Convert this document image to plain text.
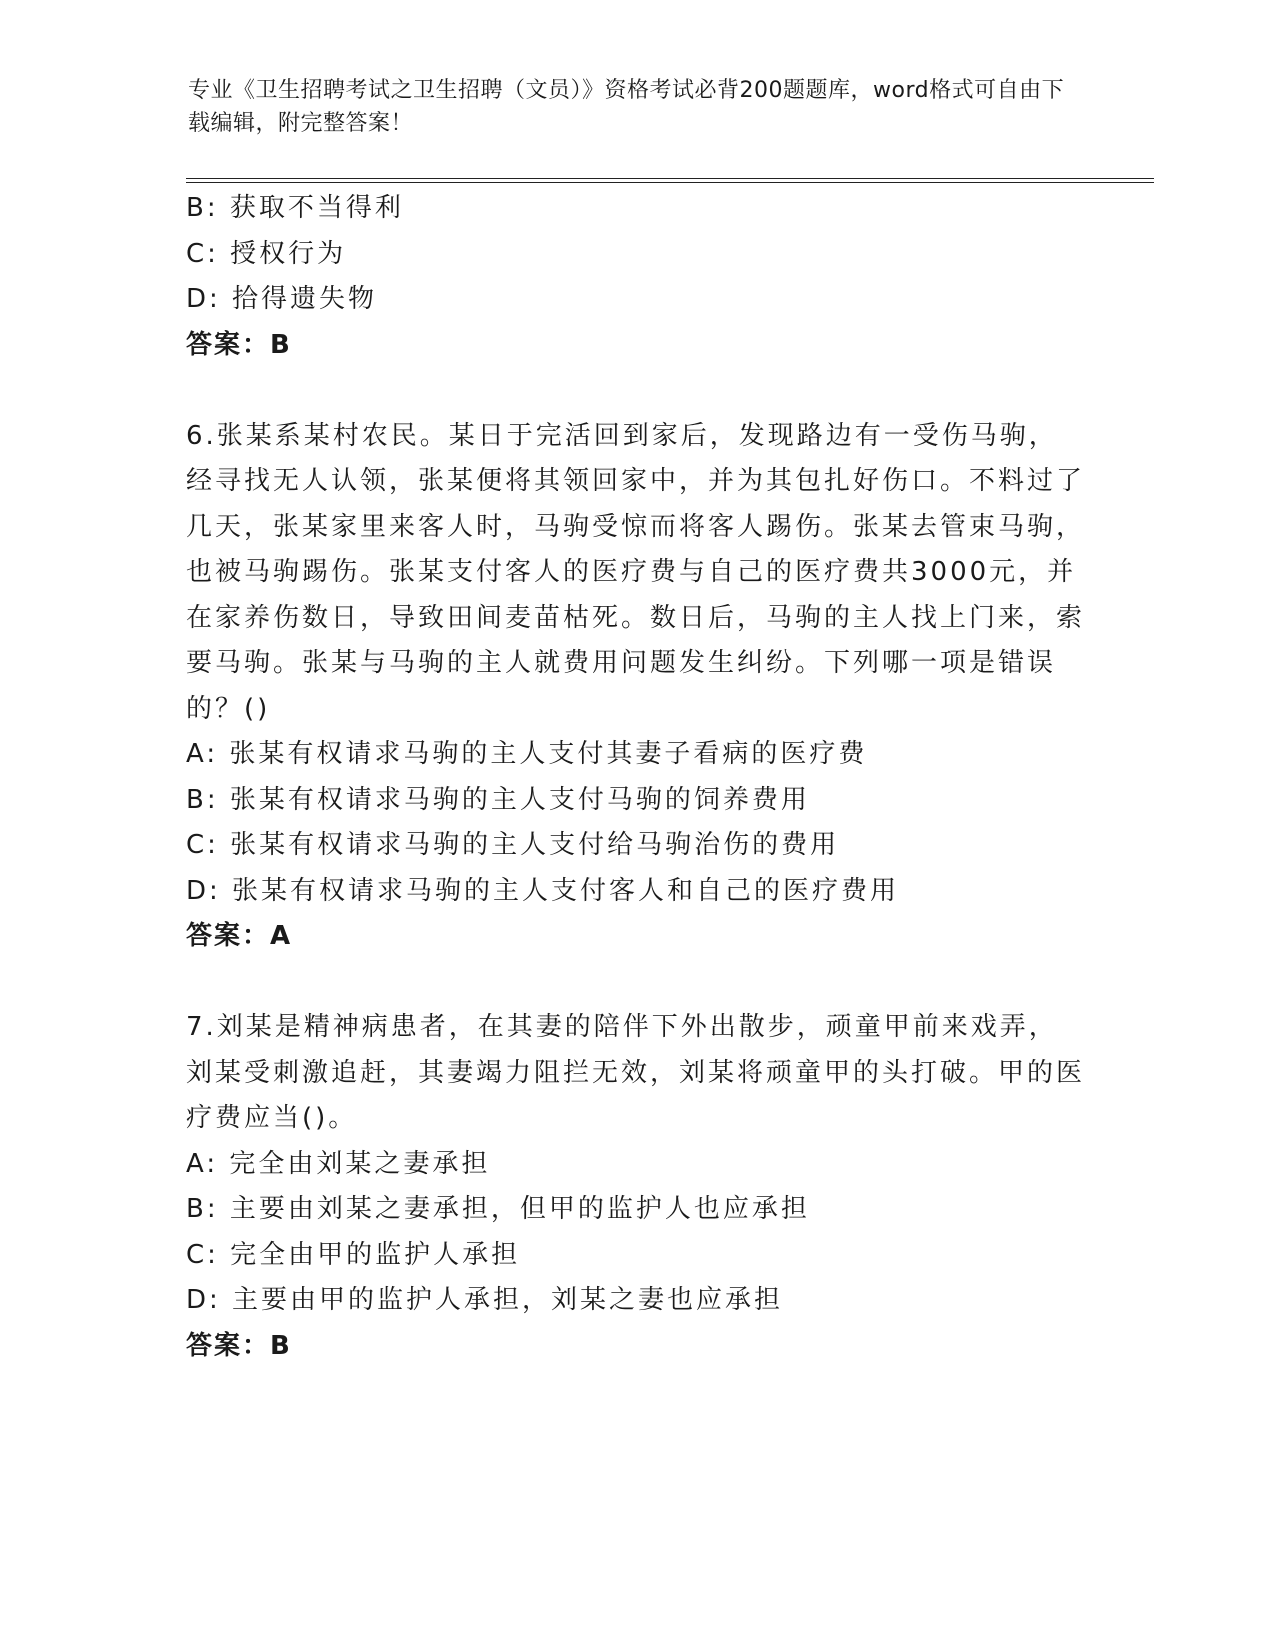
专业《卫生招聘考试之卫生招聘（文员）》资格考试必背200题题库，word格式可自由下载编辑，附完整答案！
B: 获取不当得利
C: 授权行为
D: 拾得遗失物
答案：B
6.张某系某村农民。某日于完活回到家后，发现路边有一受伤马驹，经寻找无人认领，张某便将其领回家中，并为其包扎好伤口。不料过了几天，张某家里来客人时，马驹受惊而将客人踢伤。张某去管束马驹，也被马驹踢伤。张某支付客人的医疗费与自己的医疗费共3000元，并在家养伤数日，导致田间麦苗枯死。数日后，马驹的主人找上门来，索要马驹。张某与马驹的主人就费用问题发生纠纷。下列哪一项是错误的？()
A: 张某有权请求马驹的主人支付其妻子看病的医疗费
B: 张某有权请求马驹的主人支付马驹的饲养费用
C: 张某有权请求马驹的主人支付给马驹治伤的费用
D: 张某有权请求马驹的主人支付客人和自己的医疗费用
答案：A
7.刘某是精神病患者，在其妻的陪伴下外出散步，顽童甲前来戏弄，刘某受刺激追赶，其妻竭力阻拦无效，刘某将顽童甲的头打破。甲的医疗费应当()。
A: 完全由刘某之妻承担
B: 主要由刘某之妻承担，但甲的监护人也应承担
C: 完全由甲的监护人承担
D: 主要由甲的监护人承担，刘某之妻也应承担
答案：B
